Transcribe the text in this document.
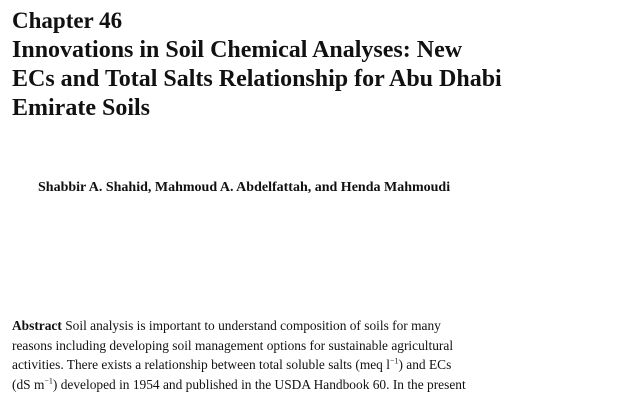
Chapter 46
Innovations in Soil Chemical Analyses: New
ECs and Total Salts Relationship for Abu Dhabi
Emirate Soils
Shabbir A. Shahid, Mahmoud A. Abdelfattah, and Henda Mahmoudi
Abstract Soil analysis is important to understand composition of soils for many
reasons including developing soil management options for sustainable agricultural
activities. There exists a relationship between total soluble salts (meq $l^{-1}$) and ECs
(dS $m^{-1}$) developed in 1954 and published in the USDA Handbook 60. In the present
